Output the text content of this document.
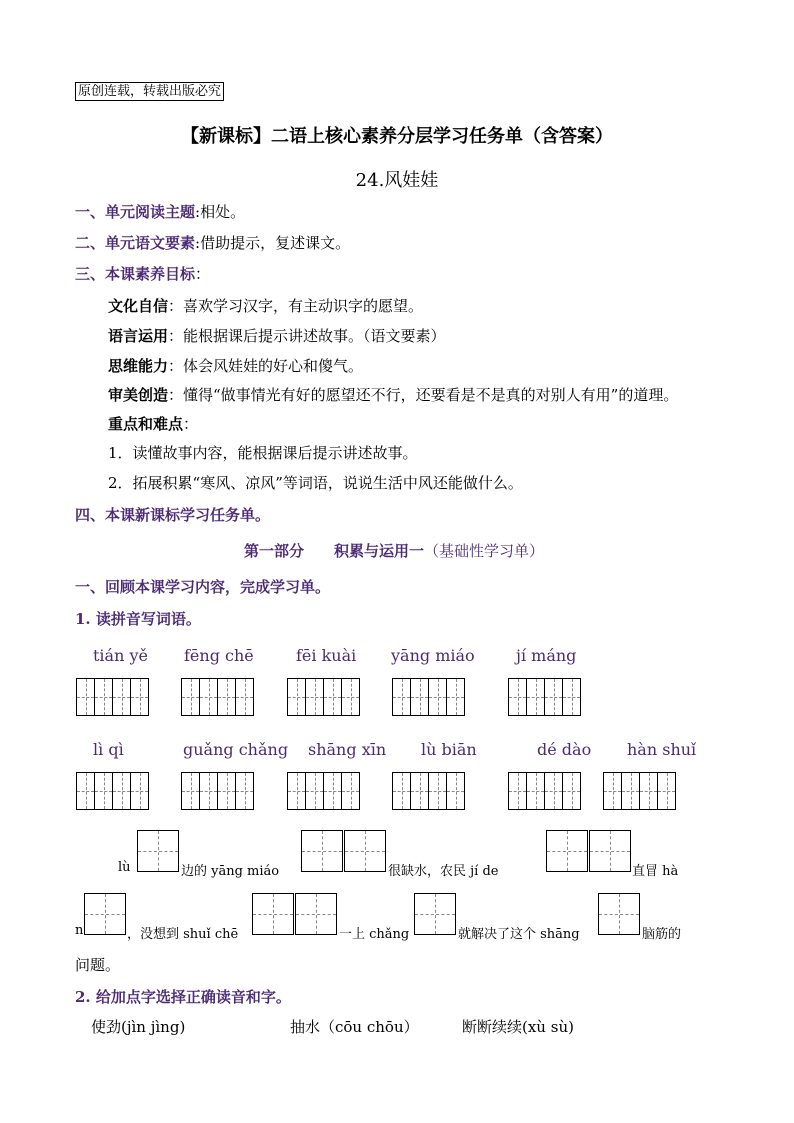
原创连载，转载出版必究
【新课标】二语上核心素养分层学习任务单（含答案）
24.风娃娃
一、单元阅读主题:相处。
二、单元语文要素:借助提示，复述课文。
三、本课素养目标：
文化自信：喜欢学习汉字，有主动识字的愿望。
语言运用：能根据课后提示讲述故事。（语文要素）
思维能力：体会风娃娃的好心和傻气。
审美创造：懂得“做事情光有好的愿望还不行，还要看是不是真的对别人有用”的道理。
重点和难点：
1．读懂故事内容，能根据课后提示讲述故事。
2．拓展积累“寒风、凉风”等词语，说说生活中风还能做什么。
四、本课新课标学习任务单。
第一部分　　积累与运用一（基础性学习单）
一、回顾本课学习内容，完成学习单。
1. 读拼音写词语。
tián yě fēng chē	fēi kuài yāng miáo	jí máng
lì qì	guǎng chǎng shāng xīn lù biān	dé dào hàn shuǐ
lù	边的 yāng miáo	很缺水，农民 jí de	直冒 hà
n	，没想到 shuǐ chē	一上 chǎng	就解决了这个 shāng	脑筋的
问题。
2. 给加点字选择正确读音和字。
使劲(jìn jìng)	抽水（cōu chōu）	断断续续(xù sù)
